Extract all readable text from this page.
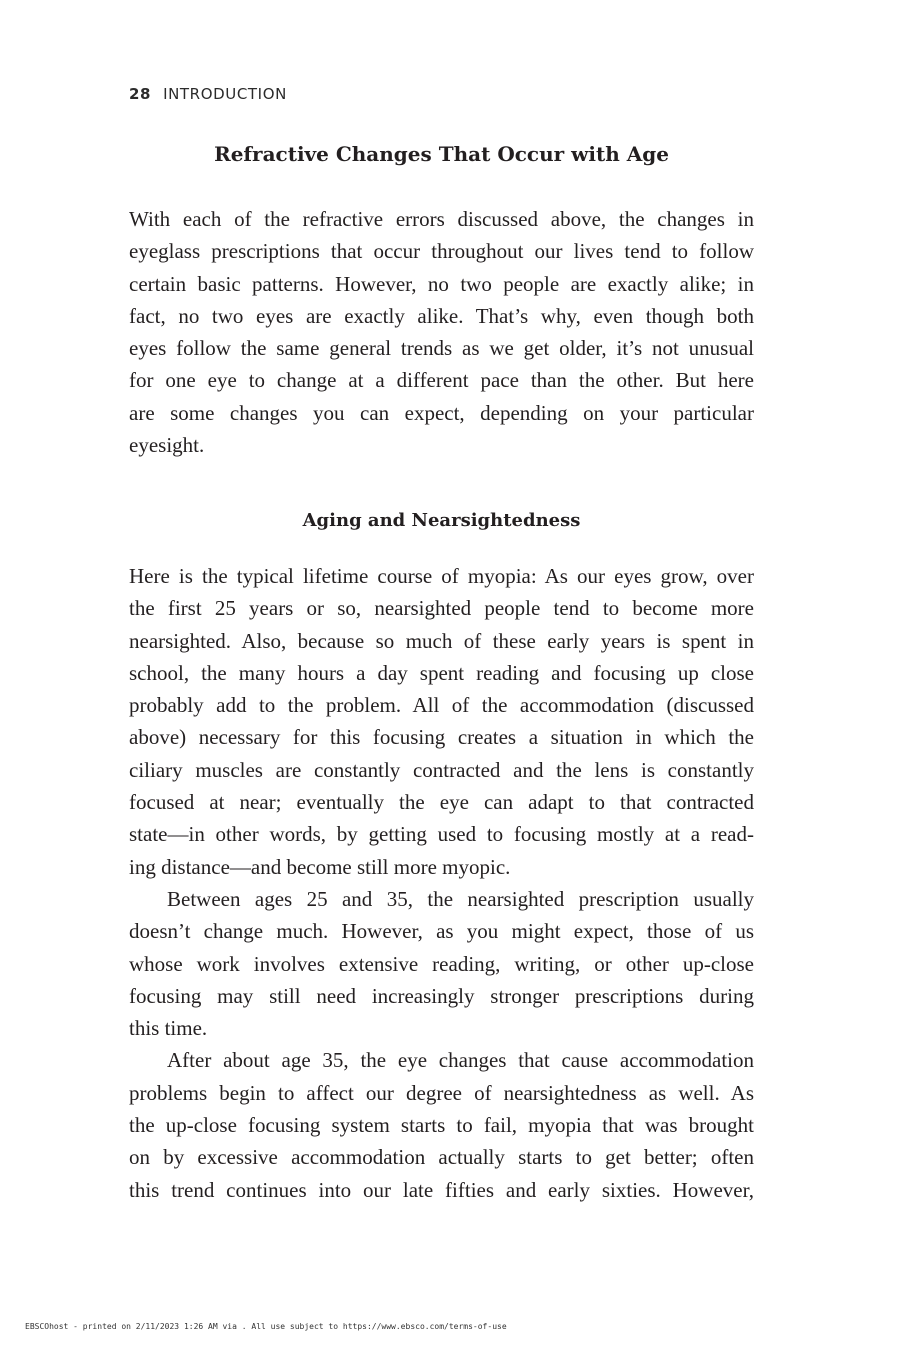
28 INTRODUCTION
Refractive Changes That Occur with Age
With each of the refractive errors discussed above, the changes in
eyeglass prescriptions that occur throughout our lives tend to follow
certain basic patterns. However, no two people are exactly alike; in
fact, no two eyes are exactly alike. That’s why, even though both
eyes follow the same general trends as we get older, it’s not unusual
for one eye to change at a different pace than the other. But here
are some changes you can expect, depending on your particular
eyesight.
Aging and Nearsightedness
Here is the typical lifetime course of myopia: As our eyes grow, over
the first 25 years or so, nearsighted people tend to become more
nearsighted. Also, because so much of these early years is spent in
school, the many hours a day spent reading and focusing up close
probably add to the problem. All of the accommodation (discussed
above) necessary for this focusing creates a situation in which the
ciliary muscles are constantly contracted and the lens is constantly
focused at near; eventually the eye can adapt to that contracted
state—in other words, by getting used to focusing mostly at a read-
ing distance—and become still more myopic.
Between ages 25 and 35, the nearsighted prescription usually
doesn’t change much. However, as you might expect, those of us
whose work involves extensive reading, writing, or other up-close
focusing may still need increasingly stronger prescriptions during
this time.
After about age 35, the eye changes that cause accommodation
problems begin to affect our degree of nearsightedness as well. As
the up-close focusing system starts to fail, myopia that was brought
on by excessive accommodation actually starts to get better; often
this trend continues into our late fifties and early sixties. However,
EBSCOhost - printed on 2/11/2023 1:26 AM via . All use subject to https://www.ebsco.com/terms-of-use
